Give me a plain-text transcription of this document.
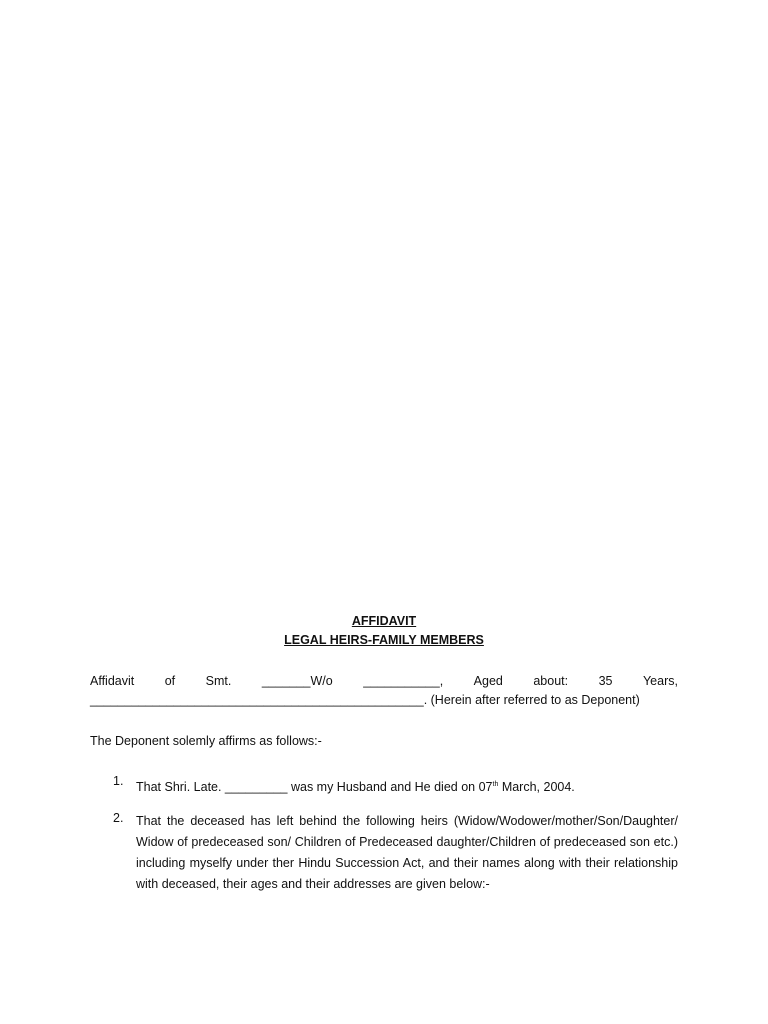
AFFIDAVIT
LEGAL HEIRS-FAMILY MEMBERS
Affidavit of Smt. _______W/o ___________, Aged about: 35 Years,
________________________________________________. (Herein after referred to as Deponent)
The Deponent solemly affirms as follows:-
1.	That Shri. Late. _________ was my Husband and He died on 07th March, 2004.
2.	That the deceased has left behind the following heirs (Widow/Wodower/mother/Son/Daughter/ Widow of predeceased son/ Children of Predeceased daughter/Children of predeceased son etc.) including myselfy under ther Hindu Succession Act, and their names along with their relationship with deceased, their ages and their addresses are given below:-
